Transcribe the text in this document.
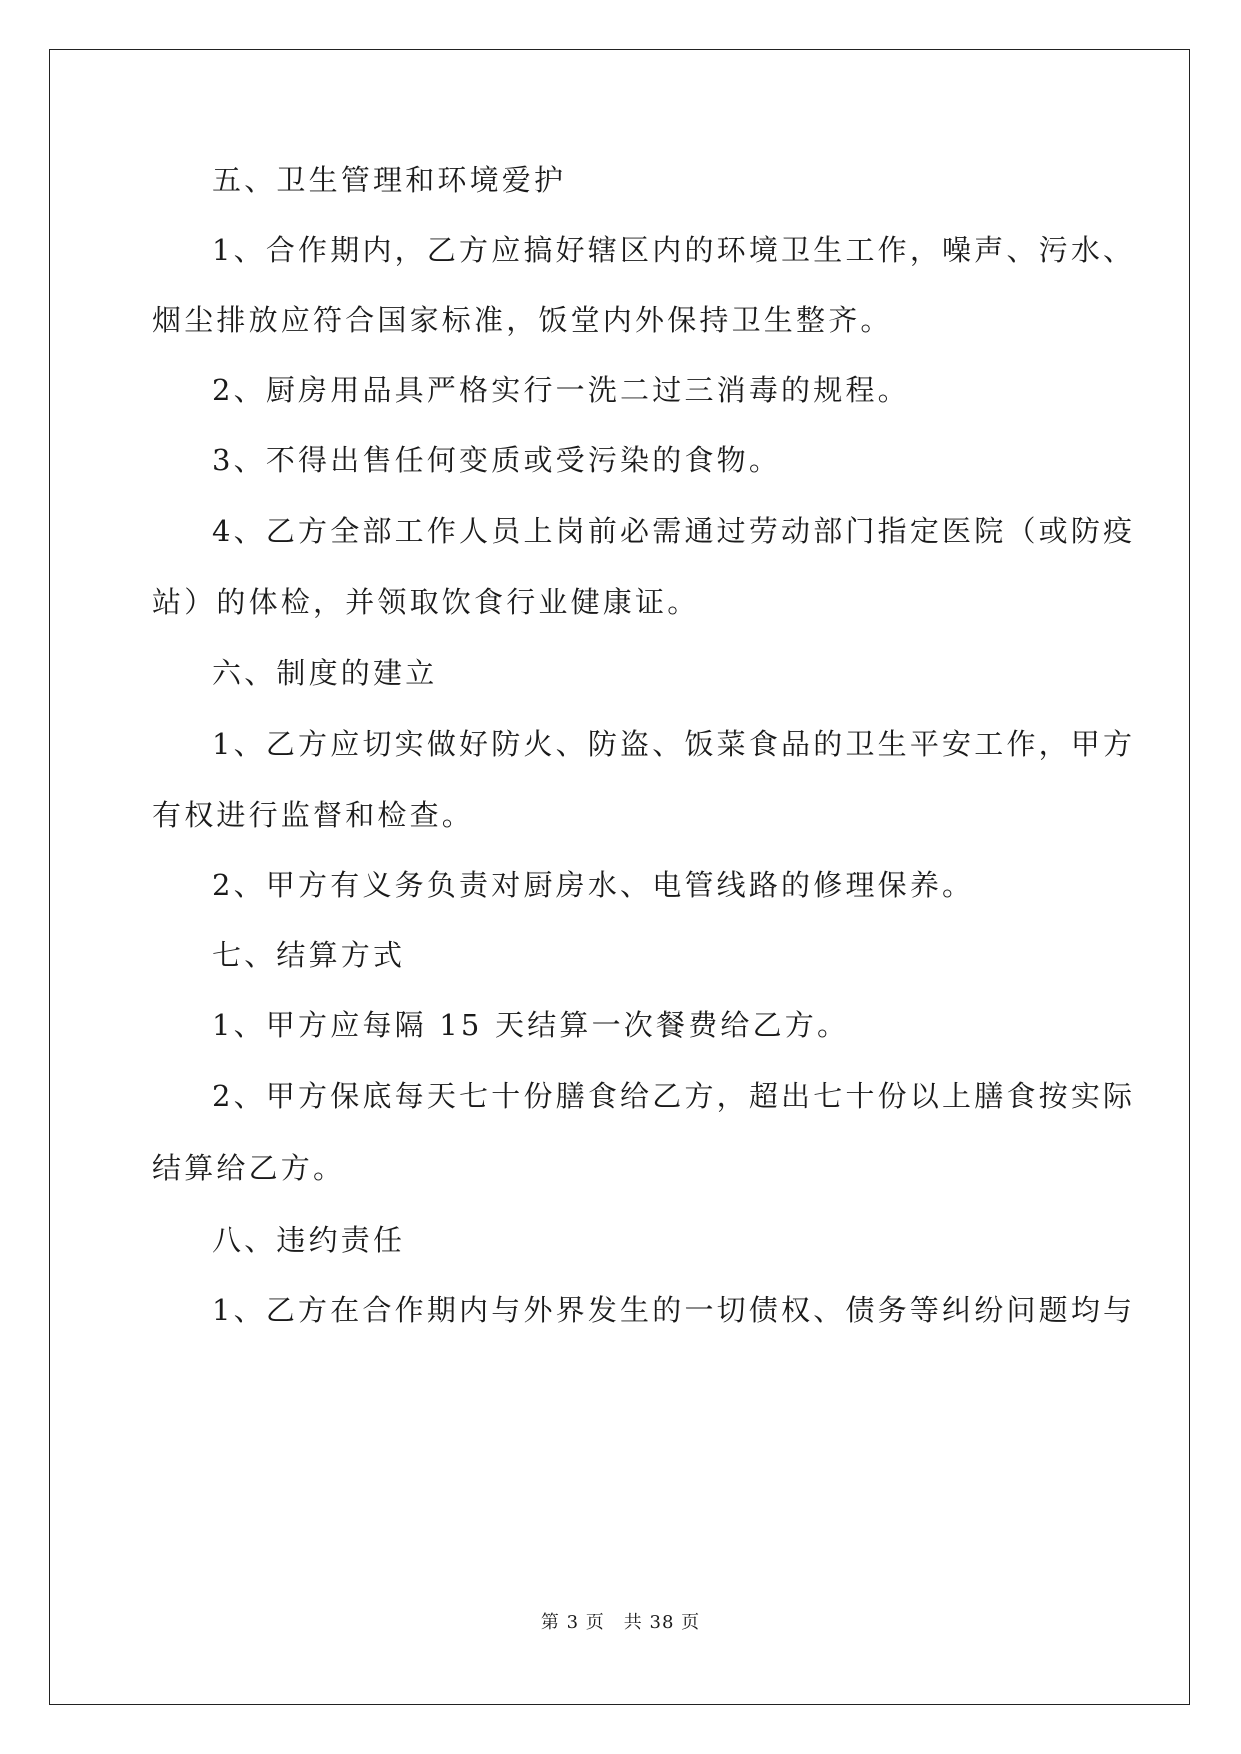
五、卫生管理和环境爱护
1、合作期内，乙方应搞好辖区内的环境卫生工作，噪声、污水、
烟尘排放应符合国家标准，饭堂内外保持卫生整齐。
2、厨房用品具严格实行一洗二过三消毒的规程。
3、不得出售任何变质或受污染的食物。
4、乙方全部工作人员上岗前必需通过劳动部门指定医院（或防疫
站）的体检，并领取饮食行业健康证。
六、制度的建立
1、乙方应切实做好防火、防盗、饭菜食品的卫生平安工作，甲方
有权进行监督和检查。
2、甲方有义务负责对厨房水、电管线路的修理保养。
七、结算方式
1、甲方应每隔 15 天结算一次餐费给乙方。
2、甲方保底每天七十份膳食给乙方，超出七十份以上膳食按实际
结算给乙方。
八、违约责任
1、乙方在合作期内与外界发生的一切债权、债务等纠纷问题均与
第 3 页　共 38 页
